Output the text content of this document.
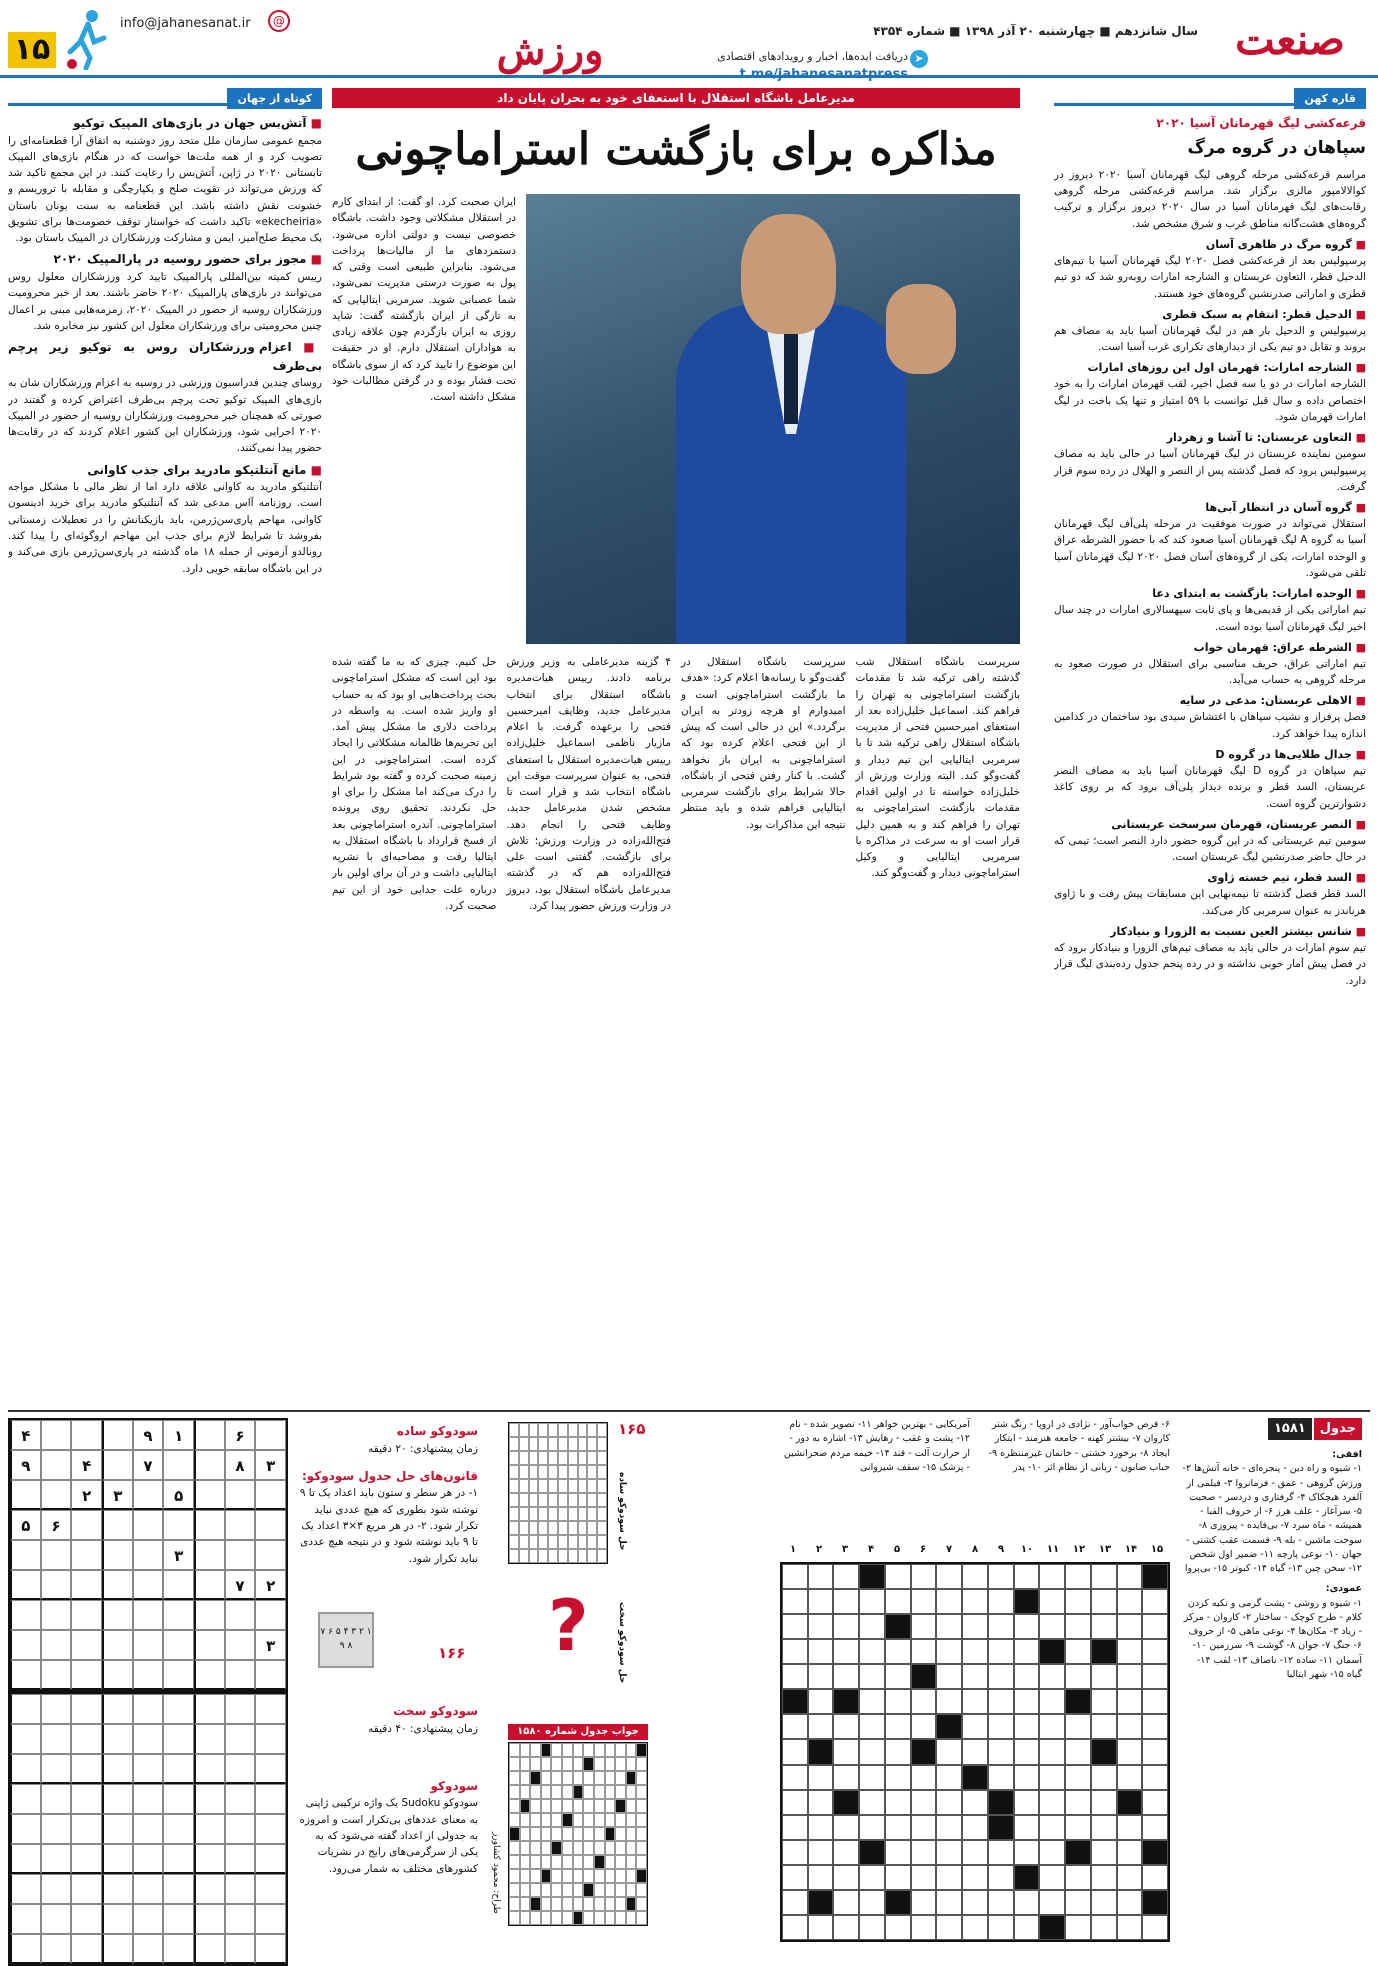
صنعت
سال شانزدهم ■ چهارشنبه ۲۰ آذر ۱۳۹۸ ■ شماره ۴۳۵۴
دریافت ایده‌ها، اخبار و رویدادهای اقتصادی
t.me/jahanesanatpress
➤
ورزش
@
info@jahanesanat.ir
۱۵
قاره کهن
قرعه‌کشی لیگ قهرمانان آسیا ۲۰۲۰
سپاهان در گروه مرگ

مراسم قرعه‌کشی مرحله گروهی لیگ قهرمانان آسیا ۲۰۲۰ دیروز در کوالالامپور مالزی برگزار شد. مراسم قرعه‌کشی مرحله گروهی رقابت‌های لیگ قهرمانان آسیا در سال ۲۰۲۰ دیروز برگزار و ترکیب گروه‌های هشت‌گانه مناطق غرب و شرق مشخص شد.

■ گروه مرگ در ظاهری آسان

پرسپولیس بعد از قرعه‌کشی فصل ۲۰۲۰ لیگ قهرمانان آسیا با تیم‌های الدحیل قطر، التعاون عربستان و الشارجه امارات روبه‌رو شد که دو تیم قطری و اماراتی صدرنشین گروه‌های خود هستند.

■ الدحیل قطر: انتقام به سبک قطری

پرسپولیس و الدحیل بار هم در لیگ قهرمانان آسیا باید به مصاف هم بروند و تقابل دو تیم یکی از دیدارهای تکراری غرب آسیا است.

■ الشارجه امارات: قهرمان اول این روزهای امارات

الشارجه امارات در دو یا سه فصل اخیر، لقب قهرمان امارات را به خود اختصاص داده و سال قبل توانست با ۵۹ امتیاز و تنها یک باخت در لیگ امارات قهرمان شود.

■ التعاون عربستان: تا آشنا و زهردار

سومین نماینده عربستان در لیگ قهرمانان آسیا در حالی باید به مصاف پرسپولیس برود که فصل گذشته پس از النصر و الهلال در رده سوم قرار گرفت.

■ گروه آسان در انتظار آبی‌ها

استقلال می‌تواند در صورت موفقیت در مرحله پلی‌آف لیگ قهرمانان آسیا به گروه A لیگ قهرمانان آسیا صعود کند که با حضور الشرطه عراق و الوحده امارات، یکی از گروه‌های آسان فصل ۲۰۲۰ لیگ قهرمانان آسیا تلقی می‌شود.

■ الوحده امارات: بازگشت به ابتدای دعا

تیم اماراتی یکی از قدیمی‌ها و پای ثابت سپهسالاری امارات در چند سال اخیر لیگ قهرمانان آسیا بوده است.

■ الشرطه عراق: قهرمان خواب

تیم اماراتی عراق، حریف مناسبی برای استقلال در صورت صعود به مرحله گروهی به حساب می‌آید.

■ الاهلی عربستان: مدعی در سایه

فصل پرفراز و نشیب سپاهان با اغتشاش سیدی بود ساختمان در کدامین اندازه پیدا خواهد کرد.

■ جدال طلایی‌ها در گروه D

تیم سپاهان در گروه D لیگ قهرمانان آسیا باید به مصاف النصر عربستان، السد قطر و برنده دیدار پلی‌آف برود که بر روی کاغذ دشوارترین گروه است.

■ النصر عربستان، قهرمان سرسخت عربستانی

سومین تیم عربستانی که در این گروه حضور دارد النصر است؛ تیمی که در حال حاضر صدرنشین لیگ عربستان است.

■ السد قطر، تیم خسته ژاوی

السد قطر فصل گذشته تا نیمه‌نهایی این مسابقات پیش رفت و با ژاوی هرناندز به عنوان سرمربی کار می‌کند.

■ شانس بیشتر العین نسبت به الزورا و بنیادکار

تیم سوم امارات در حالی باید به مصاف تیم‌های الزورا و بنیادکار برود که در فصل پیش آمار خوبی نداشته و در رده پنجم جدول رده‌بندی لیگ قرار دارد.

مدیرعامل باشگاه استقلال با استعفای خود به بحران پایان داد
مذاکره برای بازگشت استراماچونی
ایران صحبت کرد. او گفت: از ابتدای کارم در استقلال مشکلاتی وجود داشت. باشگاه خصوصی نیست و دولتی اداره می‌شود. دستمزدهای ما از مالیات‌ها پرداخت می‌شود. بنابراین طبیعی است وقتی که پول به صورت درستی مدیریت نمی‌شود، شما عصبانی شوید. سرمربی ایتالیایی که به تازگی از ایران بازگشته گفت: شاید روزی به ایران بازگردم چون علاقه زیادی به هواداران استقلال دارم. او در حقیقت این موضوع را تایید کرد که از سوی باشگاه تحت فشار بوده و در گرفتن مطالبات خود مشکل داشته است.
سرپرست باشگاه استقلال شب گذشته راهی ترکیه شد تا مقدمات بازگشت استراماچونی به تهران را فراهم کند. اسماعیل خلیل‌زاده بعد از استعفای امیرحسین فتحی از مدیریت باشگاه استقلال راهی ترکیه شد تا با سرمربی ایتالیایی این تیم دیدار و گفت‌وگو کند. البته وزارت ورزش از خلیل‌زاده خواسته تا در اولین اقدام مقدمات بازگشت استراماچونی به تهران را فراهم کند و به همین دلیل قرار است او به سرعت در مذاکره با سرمربی ایتالیایی و وکیل استراماچونی دیدار و گفت‌وگو کند.
سرپرست باشگاه استقلال در گفت‌وگو با رسانه‌ها اعلام کرد: «هدف ما بازگشت استراماچونی است و امیدوارم او هرچه زودتر به ایران برگردد.» این در حالی است که پیش از این فتحی اعلام کرده بود که استراماچونی به ایران باز نخواهد گشت. با کنار رفتن فتحی از باشگاه، حالا شرایط برای بازگشت سرمربی ایتالیایی فراهم شده و باید منتظر نتیجه این مذاکرات بود.
۴ گزینه مدیرعاملی به وزیر ورزش برنامه دادند. رییس هیات‌مدیره باشگاه استقلال برای انتخاب مدیرعامل جدید، وظایف امیرحسین فتحی را برعهده گرفت. با اعلام مازیار ناظمی اسماعیل خلیل‌زاده رییس هیات‌مدیره استقلال با استعفای فتحی، به عنوان سرپرست موقت این باشگاه انتخاب شد و قرار است تا مشخص شدن مدیرعامل جدید، وظایف فتحی را انجام دهد. فتح‌الله‌زاده در وزارت ورزش؛ تلاش برای بازگشت. گفتنی است علی فتح‌الله‌زاده هم که در گذشته مدیرعامل باشگاه استقلال بود، دیروز در وزارت ورزش حضور پیدا کرد.
حل کنیم. چیزی که به ما گفته شده بود این است که مشکل استراماچونی بحث پرداخت‌هایی او بود که به حساب او واریز شده است. به واسطه در پرداخت دلاری ما مشکل پیش آمد. این تحریم‌ها ظالمانه مشکلاتی را ایجاد کرده است. استراماچونی در این زمینه صحبت کرده و گفته بود شرایط را درک می‌کند اما مشکل را برای او حل نکردند. تحقیق روی پرونده استراماچونی. آندره استراماچونی بعد از فسخ قرارداد با باشگاه استقلال به ایتالیا رفت و مصاحبه‌ای با نشریه ایتالیایی داشت و در آن برای اولین بار درباره علت جدایی خود از این تیم صحبت کرد.
کوتاه از جهان
■ آتش‌بس جهان در بازی‌های المپیک توکیو

مجمع عمومی سازمان ملل متحد روز دوشنبه به اتفاق آرا قطعنامه‌ای را تصویب کرد و از همه ملت‌ها خواست که در هنگام بازی‌های المپیک تابستانی ۲۰۲۰ در ژاپن، آتش‌بس را رعایت کنند. در این مجمع تاکید شد که ورزش می‌تواند در تقویت صلح و یکپارچگی و مقابله با تروریسم و خشونت نقش داشته باشد. این قطعنامه به سنت یونان باستان «ekecheiria» تاکید داشت که خواستار توقف خصومت‌ها برای تشویق یک محیط صلح‌آمیز، ایمن و مشارکت ورزشکاران در المپیک باستان بود.

■ مجوز برای حضور روسیه در پارالمپیک ۲۰۲۰

رییس کمیته بین‌المللی پارالمپیک تایید کرد ورزشکاران معلول روس می‌توانند در بازی‌های پارالمپیک ۲۰۲۰ حاضر باشند. بعد از خبر محرومیت ورزشکاران روسیه از حضور در المپیک ۲۰۲۰، زمزمه‌هایی مبنی بر اعمال چنین محرومیتی برای ورزشکاران معلول این کشور نیز مخابره شد.

■ اعزام ورزشکاران روس به توکیو زیر پرچم بی‌طرف

روسای چندین فدراسیون ورزشی در روسیه به اعزام ورزشکاران شان به بازی‌های المپیک توکیو تحت پرچم بی‌طرف اعتراض کرده و گفتند در صورتی که همچنان خبر محرومیت ورزشکاران روسیه از حضور در المپیک ۲۰۲۰ اجرایی شود، ورزشکاران این کشور اعلام کردند که در رقابت‌ها حضور پیدا نمی‌کنند.

■ مانع آنتلتیکو مادرید برای جذب کاوانی

آنتلتیکو مادرید به کاوانی علاقه دارد اما از نظر مالی با مشکل مواجه است. روزنامه آ‌اس مدعی شد که آنتلتیکو مادرید برای خرید ادینسون کاوانی، مهاجم پاری‌سن‌ژرمن، باید بازیکنانش را در تعطیلات زمستانی بفروشد تا شرایط لازم برای جذب این مهاجم اروگوئه‌ای را پیدا کند. رونالدو آزمونی از جمله ۱۸ ماه گذشته در پاری‌سن‌ژرمن بازی می‌کند و در این باشگاه سابقه خوبی دارد.

جدول
۱۵۸۱
افقی:
۱- شیوه و راه دین - پنجره‌ای - خانه آتش‌ها ۲- ورزش گروهی - عمق - فرمانروا ۳- فیلمی از آلفرد هیچکاک ۴- گرفتاری و دردسر - صحبت ۵- سرآغاز - علف هرز ۶- از حروف الفبا - همیشه - ماه سرد ۷- بی‌فایده - پیروزی ۸- سوخت ماشین - بله ۹- قسمت عقب کشتی - جهان ۱۰- نوعی پارچه ۱۱- ضمیر اول شخص ۱۲- سخن چین ۱۳- گیاه ۱۴- کبوتر ۱۵- بی‌پروا
عمودی:
۱- شیوه و روشی - پشت گرمی و تکیه کردن کلام - طرح کوچک - ساختار ۲- کاروان - مرکز - زیاد ۳- مکان‌ها ۴- نوعی ماهی ۵- از حروف ۶- جنگ ۷- جوان ۸- گوشت ۹- سرزمین ۱۰- آسمان ۱۱- ساده ۱۲- ناصاف ۱۳- لقب ۱۴- گیاه ۱۵- شهر ایتالیا
۶- قرص خواب‌آور - نژادی در اروپا - رنگ شتر کاروان ۷- بیشتر کهنه - جامعه هنرمند - ابتکار ایجاد ۸- برخورد خشتی - خانمان غیرمنتظره ۹- حباب صابون - زیانی از نظام اثر ۱۰- پدر آمریکایی - بهترین خواهر ۱۱- تصویر شده - نام ۱۲- پشت و عقب - رهایش ۱۳- اشاره به دور - از حرارت آلت - قند ۱۴- خیمه مردم صحرانشین - پزشک ۱۵- سقف شیروانی
۱۵
۱۴
۱۳
۱۲
۱۱
۱۰
۹
۸
۷
۶
۵
۴
۳
۲
۱
حل سودوکو ساده
?	حل سودوکو سخت
جواب جدول شماره ۱۵۸۰
۶
۱
۹
۴
۳
۸
۷
۴
۹
۵
۳
۲
۶
۵
۳
۲
۷
۳
سودوکو ساده
زمان پیشنهادی: ۲۰ دقیقه
قانون‌های حل جدول سودوکو:
۱- در هر سطر و ستون باید اعداد یک تا ۹ نوشته شود بطوری که هیچ عددی نباید تکرار شود. ۲- در هر مربع ۳×۳ اعداد یک تا ۹ باید نوشته شود و در نتیجه هیچ عددی نباید تکرار شود.
۱۶۵
۱۶۶
۱ ۲ ۳ ۴ ۵ ۶ ۷ ۸ ۹
سودوکو سخت
زمان پیشنهادی: ۴۰ دقیقه
سودوکو
سودوکو Sudoku یک واژه ترکیبی ژاپنی به معنای عددهای بی‌تکرار است و امروزه به جدولی از اعداد گفته می‌شود که به یکی از سرگرمی‌های رایج در نشریات کشورهای مختلف به شمار می‌رود.	طراح: محمود کشاورز
